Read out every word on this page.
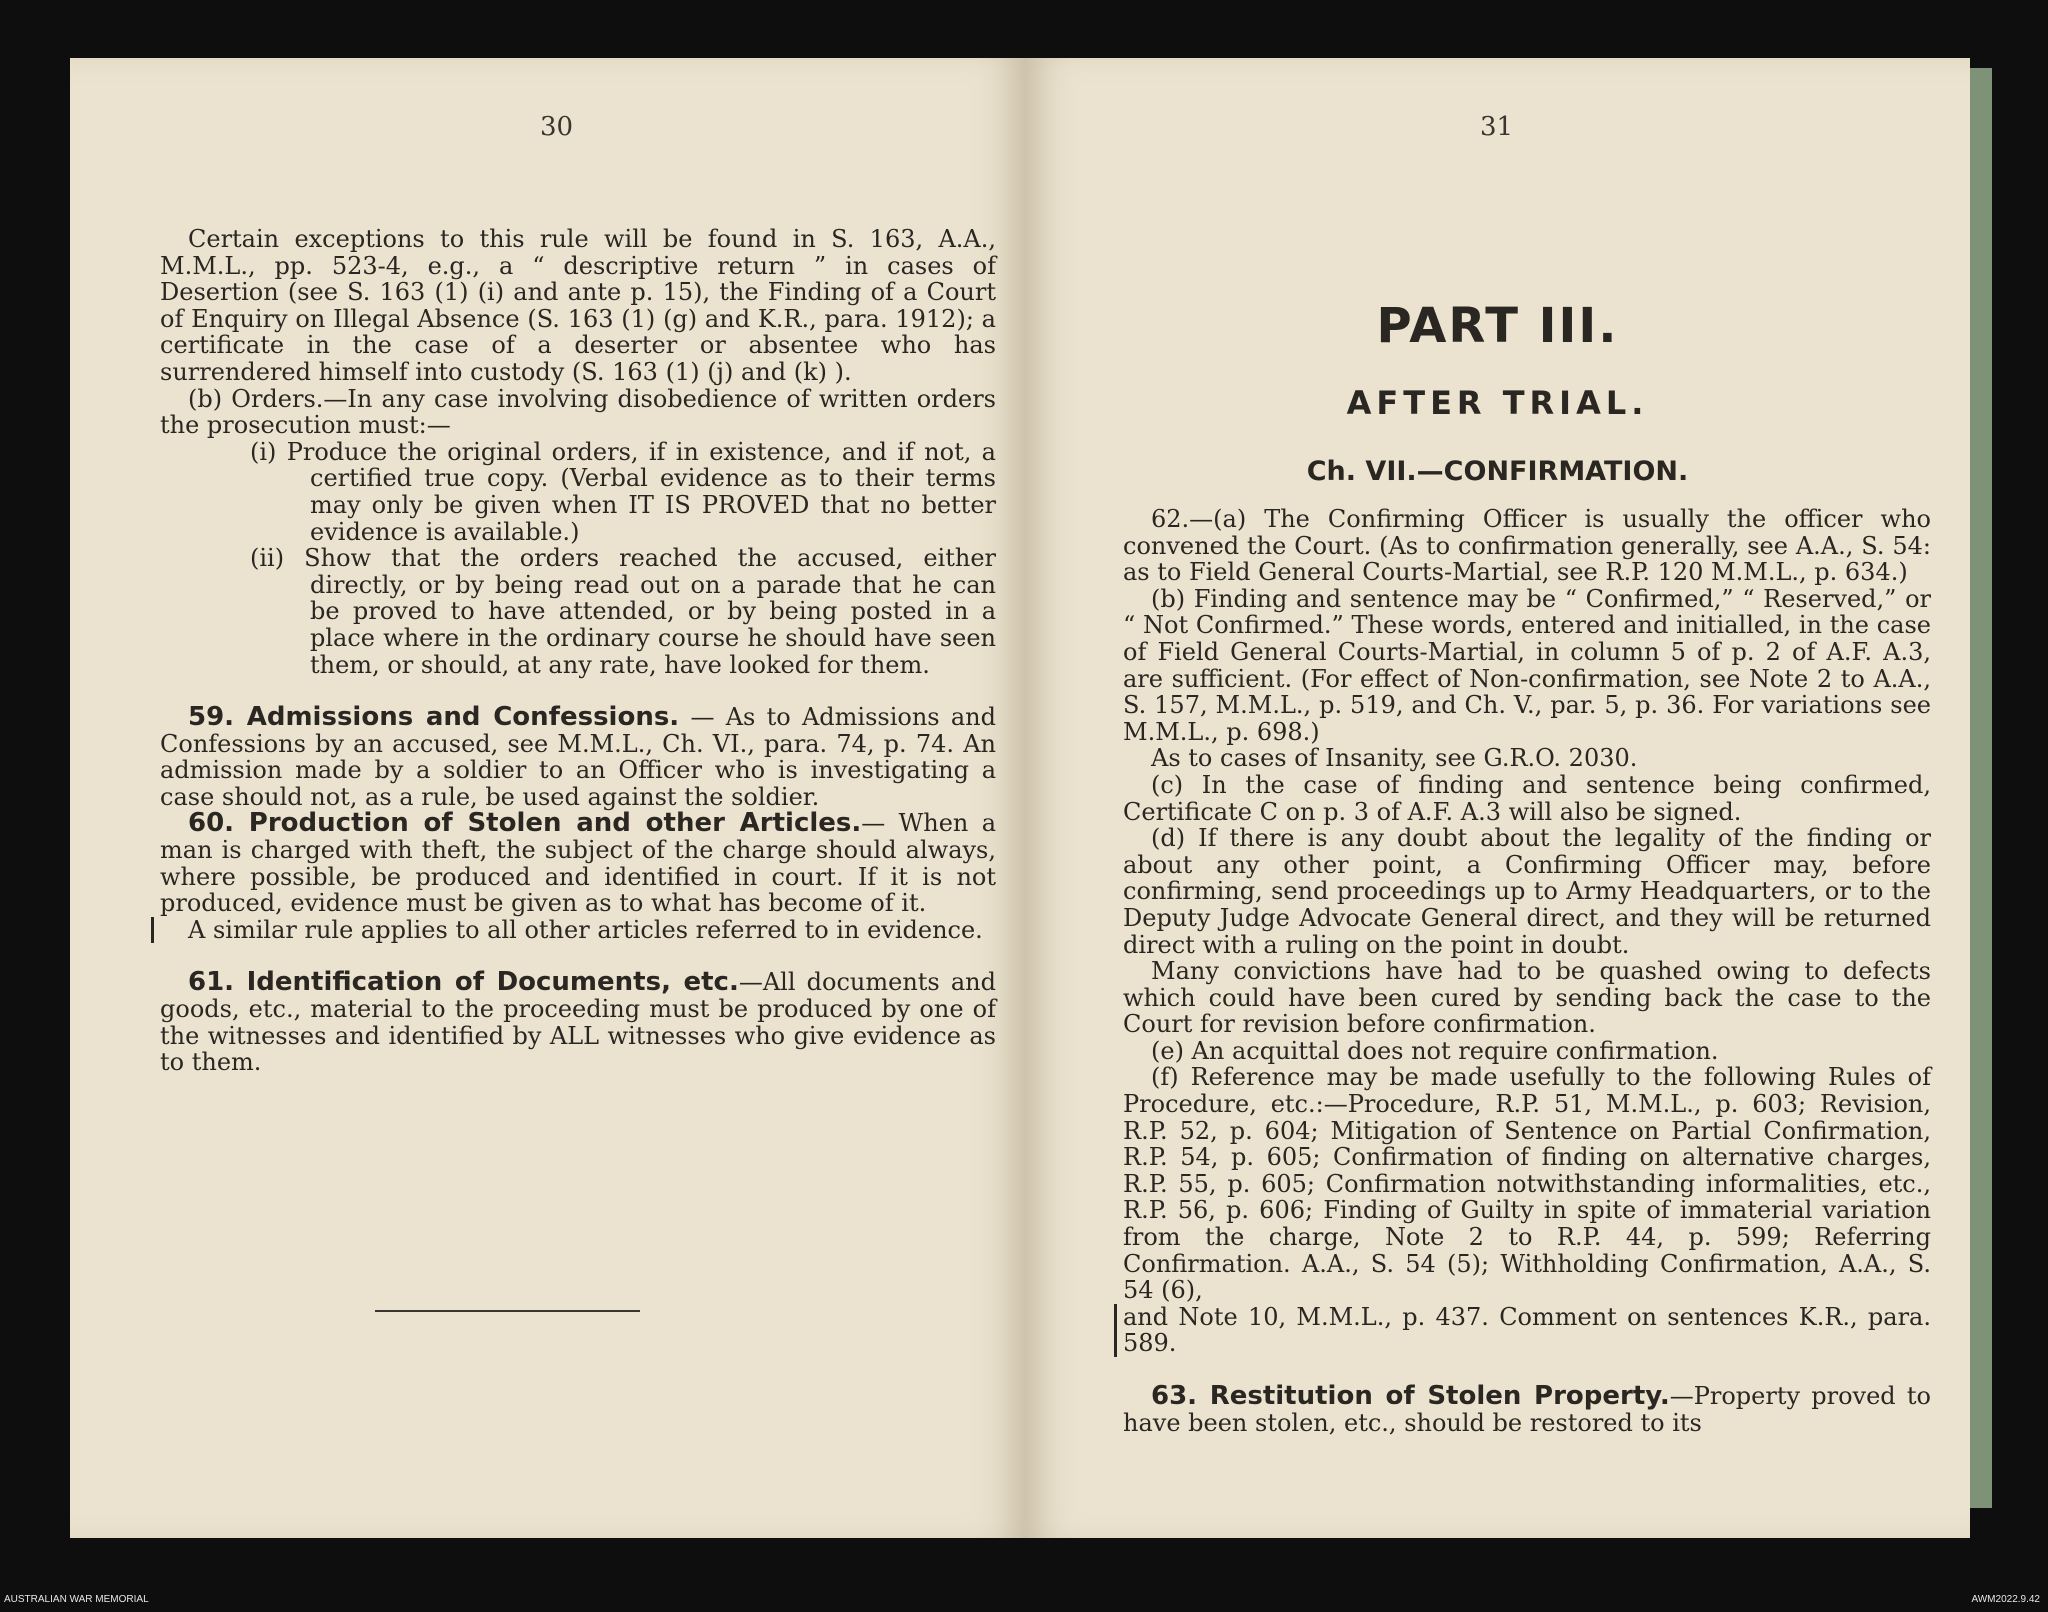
30

Certain exceptions to this rule will be found in S. 163, A.A., M.M.L., pp. 523-4, e.g., a “ descriptive return ” in cases of Desertion (see S. 163 (1) (i) and ante p. 15), the Finding of a Court of Enquiry on Illegal Absence (S. 163 (1) (g) and K.R., para. 1912); a certificate in the case of a deserter or absentee who has surrendered himself into custody (S. 163 (1) (j) and (k) ).

(b) Orders.—In any case involving disobedience of written orders the prosecution must:—

(i) Produce the original orders, if in existence, and if not, a certified true copy. (Verbal evidence as to their terms may only be given when IT IS PROVED that no better evidence is available.)

(ii) Show that the orders reached the accused, either directly, or by being read out on a parade that he can be proved to have attended, or by being posted in a place where in the ordinary course he should have seen them, or should, at any rate, have looked for them.

59. Admissions and Confessions. — As to Admissions and Confessions by an accused, see M.M.L., Ch. VI., para. 74, p. 74. An admission made by a soldier to an Officer who is investigating a case should not, as a rule, be used against the soldier.

60. Production of Stolen and other Articles.— When a man is charged with theft, the subject of the charge should always, where possible, be produced and identified in court. If it is not produced, evidence must be given as to what has become of it.

A similar rule applies to all other articles referred to in evidence.

61. Identification of Documents, etc.—All documents and goods, etc., material to the proceeding must be produced by one of the witnesses and identified by ALL witnesses who give evidence as to them.

31
PART III.
AFTER TRIAL.
Ch. VII.—CONFIRMATION.

62.—(a) The Confirming Officer is usually the officer who convened the Court. (As to confirmation generally, see A.A., S. 54: as to Field General Courts-Martial, see R.P. 120 M.M.L., p. 634.)

(b) Finding and sentence may be “ Confirmed,” “ Reserved,” or “ Not Confirmed.” These words, entered and initialled, in the case of Field General Courts-Martial, in column 5 of p. 2 of A.F. A.3, are sufficient. (For effect of Non-confirmation, see Note 2 to A.A., S. 157, M.M.L., p. 519, and Ch. V., par. 5, p. 36. For variations see M.M.L., p. 698.)

As to cases of Insanity, see G.R.O. 2030.

(c) In the case of finding and sentence being confirmed, Certificate C on p. 3 of A.F. A.3 will also be signed.

(d) If there is any doubt about the legality of the finding or about any other point, a Confirming Officer may, before confirming, send proceedings up to Army Headquarters, or to the Deputy Judge Advocate General direct, and they will be returned direct with a ruling on the point in doubt.

Many convictions have had to be quashed owing to defects which could have been cured by sending back the case to the Court for revision before confirmation.

(e) An acquittal does not require confirmation.

(f) Reference may be made usefully to the following Rules of Procedure, etc.:—Procedure, R.P. 51, M.M.L., p. 603; Revision, R.P. 52, p. 604; Mitigation of Sentence on Partial Confirmation, R.P. 54, p. 605; Confirmation of finding on alternative charges, R.P. 55, p. 605; Confirmation notwithstanding informalities, etc., R.P. 56, p. 606; Finding of Guilty in spite of immaterial variation from the charge, Note 2 to R.P. 44, p. 599; Referring Confirmation. A.A., S. 54 (5); Withholding Confirmation, A.A., S. 54 (6),

and Note 10, M.M.L., p. 437. Comment on sentences K.R., para. 589.

63. Restitution of Stolen Property.—Property proved to have been stolen, etc., should be restored to its

AUSTRALIAN WAR MEMORIAL	AWM2022.9.42
